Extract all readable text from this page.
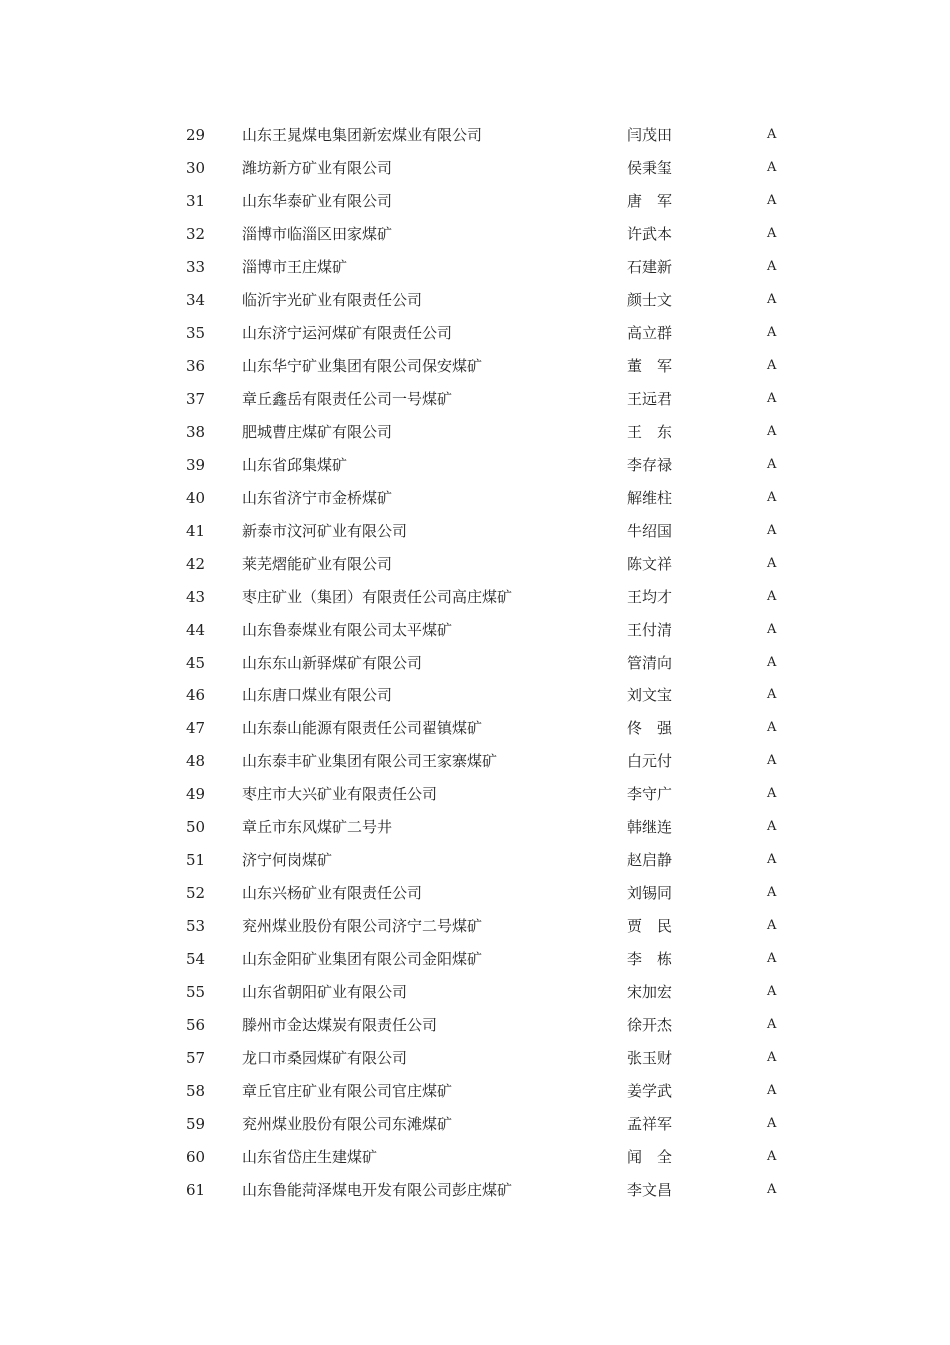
29 山东王晁煤电集团新宏煤业有限公司	闫茂田	A
30 潍坊新方矿业有限公司	侯秉玺	A
31 山东华泰矿业有限公司	唐　军	A
32 淄博市临淄区田家煤矿	许武本	A
33 淄博市王庄煤矿	石建新	A
34 临沂宇光矿业有限责任公司	颜士文	A
35 山东济宁运河煤矿有限责任公司	高立群	A
36 山东华宁矿业集团有限公司保安煤矿	董　军	A
37 章丘鑫岳有限责任公司一号煤矿	王远君	A
38 肥城曹庄煤矿有限公司	王　东	A
39 山东省邱集煤矿	李存禄	A
40 山东省济宁市金桥煤矿	解维柱	A
41 新泰市汶河矿业有限公司	牛绍国	A
42 莱芜熠能矿业有限公司	陈文祥	A
43 枣庄矿业（集团）有限责任公司高庄煤矿	王均才	A
44 山东鲁泰煤业有限公司太平煤矿	王付清	A
45 山东东山新驿煤矿有限公司	管清向	A
46 山东唐口煤业有限公司	刘文宝	A
47 山东泰山能源有限责任公司翟镇煤矿	佟　强	A
48 山东泰丰矿业集团有限公司王家寨煤矿	白元付	A
49 枣庄市大兴矿业有限责任公司	李守广	A
50 章丘市东风煤矿二号井	韩继连	A
51 济宁何岗煤矿	赵启静	A
52 山东兴杨矿业有限责任公司	刘锡同	A
53 兖州煤业股份有限公司济宁二号煤矿	贾　民	A
54 山东金阳矿业集团有限公司金阳煤矿	李　栋	A
55 山东省朝阳矿业有限公司	宋加宏	A
56 滕州市金达煤炭有限责任公司	徐开杰	A
57 龙口市桑园煤矿有限公司	张玉财	A
58 章丘官庄矿业有限公司官庄煤矿	姜学武	A
59 兖州煤业股份有限公司东滩煤矿	孟祥军	A
60 山东省岱庄生建煤矿	闻　全	A
61 山东鲁能菏泽煤电开发有限公司彭庄煤矿	李文昌	A
